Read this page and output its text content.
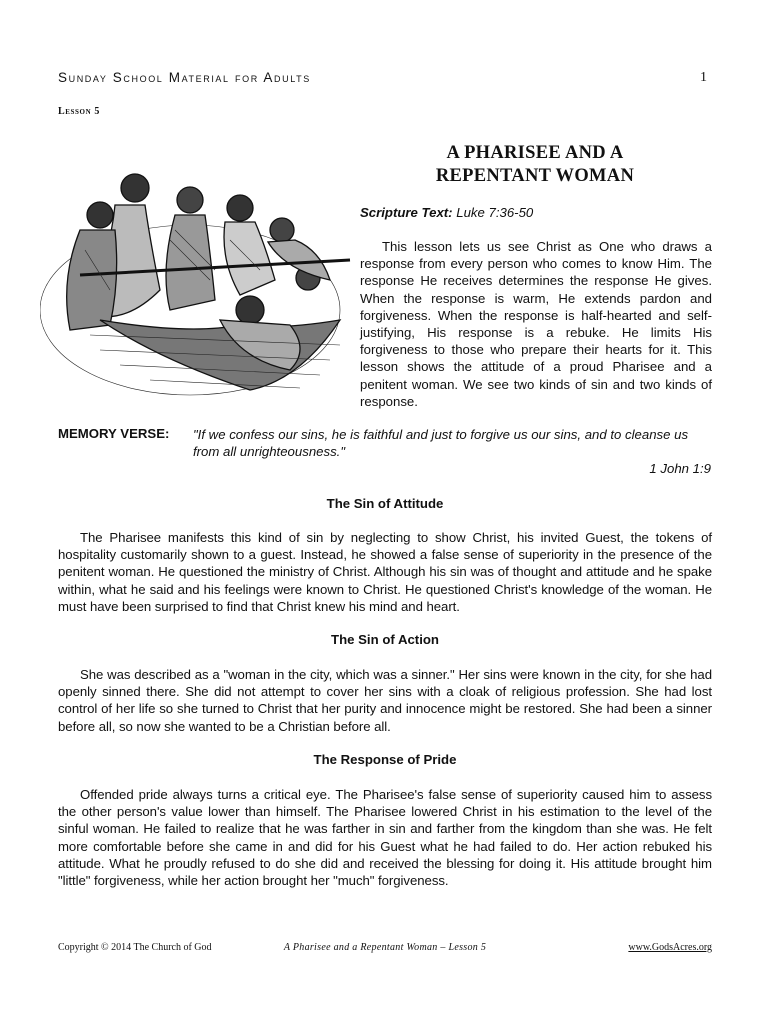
Sunday School Material for Adults	1
Lesson 5
A PHARISEE AND A
REPENTANT WOMAN
Scripture Text: Luke 7:36-50
This lesson lets us see Christ as One who draws a response from every person who comes to know Him. The response He receives determines the response He gives. When the response is warm, He extends pardon and forgiveness. When the response is half-hearted and self-justifying, His response is a rebuke. He limits His forgiveness to those who prepare their hearts for it. This lesson shows the attitude of a proud Pharisee and a penitent woman. We see two kinds of sin and two kinds of response.
MEMORY VERSE: "If we confess our sins, he is faithful and just to forgive us our sins, and to cleanse us from all unrighteousness."
1 John 1:9
The Sin of Attitude
The Pharisee manifests this kind of sin by neglecting to show Christ, his invited Guest, the tokens of hospitality customarily shown to a guest. Instead, he showed a false sense of superiority in the presence of the penitent woman. He questioned the ministry of Christ. Although his sin was of thought and attitude and he spake within, what he said and his feelings were known to Christ. He questioned Christ's knowledge of the woman. He must have been surprised to find that Christ knew his mind and heart.
The Sin of Action
She was described as a "woman in the city, which was a sinner." Her sins were known in the city, for she had openly sinned there. She did not attempt to cover her sins with a cloak of religious profession. She had lost control of her life so she turned to Christ that her purity and innocence might be restored. She had been a sinner before all, so now she wanted to be a Christian before all.
The Response of Pride
Offended pride always turns a critical eye. The Pharisee's false sense of superiority caused him to assess the other person's value lower than himself. The Pharisee lowered Christ in his estimation to the level of the sinful woman. He failed to realize that he was farther in sin and farther from the kingdom than she was. He felt more comfortable before she came in and did for his Guest what he had failed to do. Her action rebuked his attitude. What he proudly refused to do she did and received the blessing for doing it. His attitude brought him "little" forgiveness, while her action brought her "much" forgiveness.
Copyright © 2014 The Church of God	A Pharisee and a Repentant Woman – Lesson 5	www.GodsAcres.org
